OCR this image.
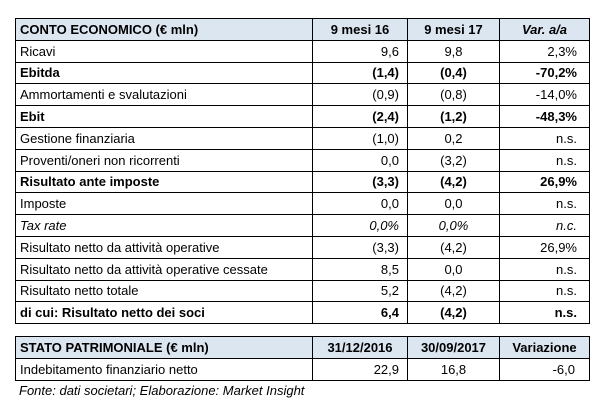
CONTO ECONOMICO (€ mln)	9 mesi 16	9 mesi 17	Var. a/a
Ricavi	9,6	9,8	2,3%
Ebitda	(1,4)	(0,4)	-70,2%
Ammortamenti e svalutazioni	(0,9)	(0,8)	-14,0%
Ebit	(2,4)	(1,2)	-48,3%
Gestione finanziaria	(1,0)	0,2	n.s.
Proventi/oneri non ricorrenti	0,0	(3,2)	n.s.
Risultato ante imposte	(3,3)	(4,2)	26,9%
Imposte	0,0	0,0	n.s.
Tax rate	0,0%	0,0%	n.c.
Risultato netto da attività operative	(3,3)	(4,2)	26,9%
Risultato netto da attività operative cessate	8,5	0,0	n.s.
Risultato netto totale	5,2	(4,2)	n.s.
di cui: Risultato netto dei soci	6,4	(4,2)	n.s.
STATO PATRIMONIALE (€ mln)	31/12/2016	30/09/2017	Variazione
Indebitamento finanziario netto	22,9	16,8	-6,0
Fonte: dati societari; Elaborazione: Market Insight
